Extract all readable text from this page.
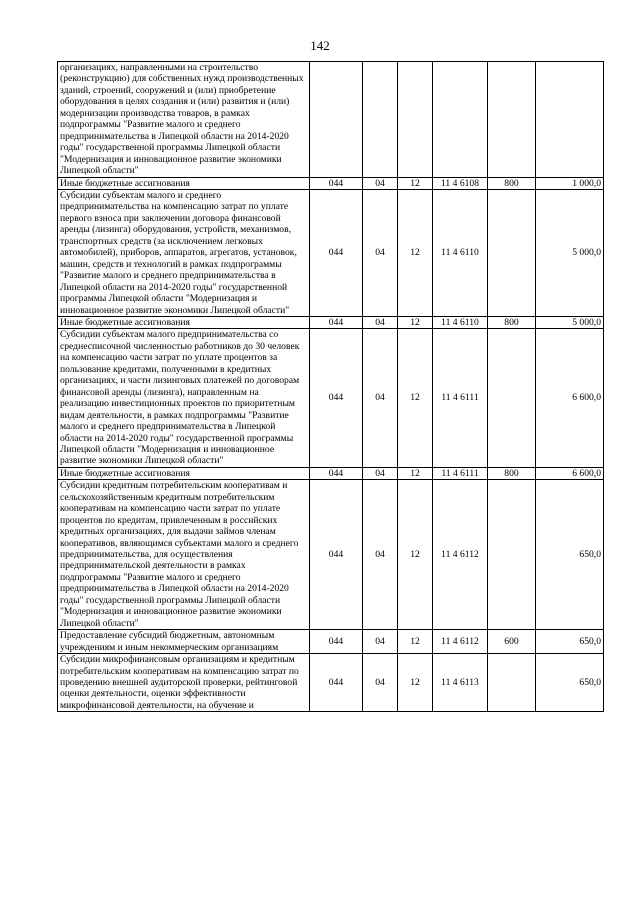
142
организациях, направленными на строительство (реконструкцию) для собственных нужд производственных зданий, строений, сооружений и (или) приобретение оборудования в целях создания и (или) развития и (или) модернизации производства товаров, в рамках подпрограммы "Развитие малого и среднего предпринимательства в Липецкой области на 2014-2020 годы" государственной программы Липецкой области "Модернизация и инновационное развитие экономики Липецкой области"						
Иные бюджетные ассигнования	044	04	12	11 4 6108	800	1 000,0
Субсидии субъектам малого и среднего предпринимательства на компенсацию затрат по уплате первого взноса при заключении договора финансовой аренды (лизинга) оборудования, устройств, механизмов, транспортных средств (за исключением легковых автомобилей), приборов, аппаратов, агрегатов, установок, машин, средств и технологий в рамках подпрограммы "Развитие малого и среднего предпринимательства в Липецкой области на 2014-2020 годы" государственной программы Липецкой области "Модернизация и инновационное развитие экономики Липецкой области"	044	04	12	11 4 6110		5 000,0
Иные бюджетные ассигнования	044	04	12	11 4 6110	800	5 000,0
Субсидии субъектам малого предпринимательства со среднесписочной численностью работников до 30 человек на компенсацию части затрат по уплате процентов за пользование кредитами, полученными в кредитных организациях, и части лизинговых платежей по договорам финансовой аренды (лизинга), направленным на реализацию инвестиционных проектов по приоритетным видам деятельности, в рамках подпрограммы "Развитие малого и среднего предпринимательства в Липецкой области на 2014-2020 годы" государственной программы Липецкой области "Модернизация и инновационное развитие экономики Липецкой области"	044	04	12	11 4 6111		6 600,0
Иные бюджетные ассигнования	044	04	12	11 4 6111	800	6 600,0
Субсидии кредитным потребительским кооперативам и сельскохозяйственным кредитным потребительским кооперативам на компенсацию части затрат по уплате процентов по кредитам, привлеченным в российских кредитных организациях, для выдачи займов членам кооперативов, являющимся субъектами малого и среднего предпринимательства, для осуществления предпринимательской деятельности в рамках подпрограммы "Развитие малого и среднего предпринимательства в Липецкой области на 2014-2020 годы" государственной программы Липецкой области "Модернизация и инновационное развитие экономики Липецкой области"	044	04	12	11 4 6112		650,0
Предоставление субсидий бюджетным, автономным учреждениям и иным некоммерческим организациям	044	04	12	11 4 6112	600	650,0
Субсидии микрофинансовым организациям и кредитным потребительским кооперативам на компенсацию затрат по проведению внешней аудиторской проверки, рейтинговой оценки деятельности, оценки эффективности микрофинансовой деятельности, на обучение и	044	04	12	11 4 6113		650,0
